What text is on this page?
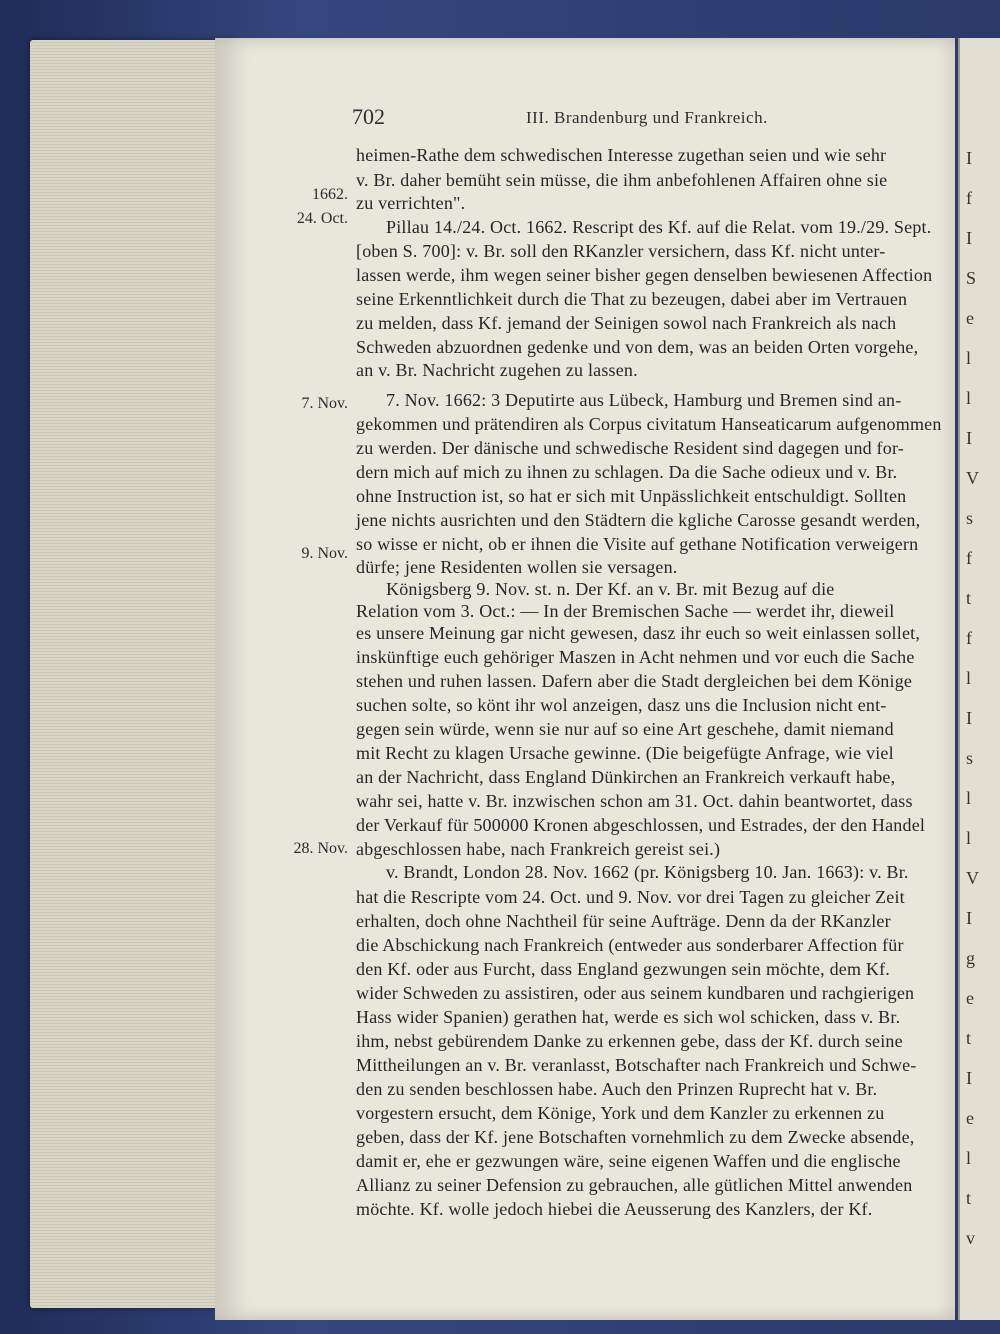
I
f
I
S
e
l
l
I
V
s
f
t
f
l
I
s
l
l
V
I
g
e
t
I
e
l
t
v
702	III. Brandenburg und Frankreich.
1662.
24. Oct.
7. Nov.
9. Nov.
28. Nov.
heimen-Rathe dem schwedischen Interesse zugethan seien und wie sehr
v. Br. daher bemüht sein müsse, die ihm anbefohlenen Affairen ohne sie
zu verrichten".
Pillau 14./24. Oct. 1662. Rescript des Kf. auf die Relat. vom 19./29. Sept.
[oben S. 700]: v. Br. soll den RKanzler versichern, dass Kf. nicht unter-
lassen werde, ihm wegen seiner bisher gegen denselben bewiesenen Affection
seine Erkenntlichkeit durch die That zu bezeugen, dabei aber im Vertrauen
zu melden, dass Kf. jemand der Seinigen sowol nach Frankreich als nach
Schweden abzuordnen gedenke und von dem, was an beiden Orten vorgehe,
an v. Br. Nachricht zugehen zu lassen.
7. Nov. 1662: 3 Deputirte aus Lübeck, Hamburg und Bremen sind an-
gekommen und prätendiren als Corpus civitatum Hanseaticarum aufgenommen
zu werden. Der dänische und schwedische Resident sind dagegen und for-
dern mich auf mich zu ihnen zu schlagen. Da die Sache odieux und v. Br.
ohne Instruction ist, so hat er sich mit Unpässlichkeit entschuldigt. Sollten
jene nichts ausrichten und den Städtern die kgliche Carosse gesandt werden,
so wisse er nicht, ob er ihnen die Visite auf gethane Notification verweigern
dürfe; jene Residenten wollen sie versagen.
Königsberg 9. Nov. st. n. Der Kf. an v. Br. mit Bezug auf die
Relation vom 3. Oct.: — In der Bremischen Sache — werdet ihr, dieweil
es unsere Meinung gar nicht gewesen, dasz ihr euch so weit einlassen sollet,
inskünftige euch gehöriger Maszen in Acht nehmen und vor euch die Sache
stehen und ruhen lassen. Dafern aber die Stadt dergleichen bei dem Könige
suchen solte, so könt ihr wol anzeigen, dasz uns die Inclusion nicht ent-
gegen sein würde, wenn sie nur auf so eine Art geschehe, damit niemand
mit Recht zu klagen Ursache gewinne. (Die beigefügte Anfrage, wie viel
an der Nachricht, dass England Dünkirchen an Frankreich verkauft habe,
wahr sei, hatte v. Br. inzwischen schon am 31. Oct. dahin beantwortet, dass
der Verkauf für 500000 Kronen abgeschlossen, und Estrades, der den Handel
abgeschlossen habe, nach Frankreich gereist sei.)
v. Brandt, London 28. Nov. 1662 (pr. Königsberg 10. Jan. 1663): v. Br.
hat die Rescripte vom 24. Oct. und 9. Nov. vor drei Tagen zu gleicher Zeit
erhalten, doch ohne Nachtheil für seine Aufträge. Denn da der RKanzler
die Abschickung nach Frankreich (entweder aus sonderbarer Affection für
den Kf. oder aus Furcht, dass England gezwungen sein möchte, dem Kf.
wider Schweden zu assistiren, oder aus seinem kundbaren und rachgierigen
Hass wider Spanien) gerathen hat, werde es sich wol schicken, dass v. Br.
ihm, nebst gebürendem Danke zu erkennen gebe, dass der Kf. durch seine
Mittheilungen an v. Br. veranlasst, Botschafter nach Frankreich und Schwe-
den zu senden beschlossen habe. Auch den Prinzen Ruprecht hat v. Br.
vorgestern ersucht, dem Könige, York und dem Kanzler zu erkennen zu
geben, dass der Kf. jene Botschaften vornehmlich zu dem Zwecke absende,
damit er, ehe er gezwungen wäre, seine eigenen Waffen und die englische
Allianz zu seiner Defension zu gebrauchen, alle gütlichen Mittel anwenden
möchte. Kf. wolle jedoch hiebei die Aeusserung des Kanzlers, der Kf.
